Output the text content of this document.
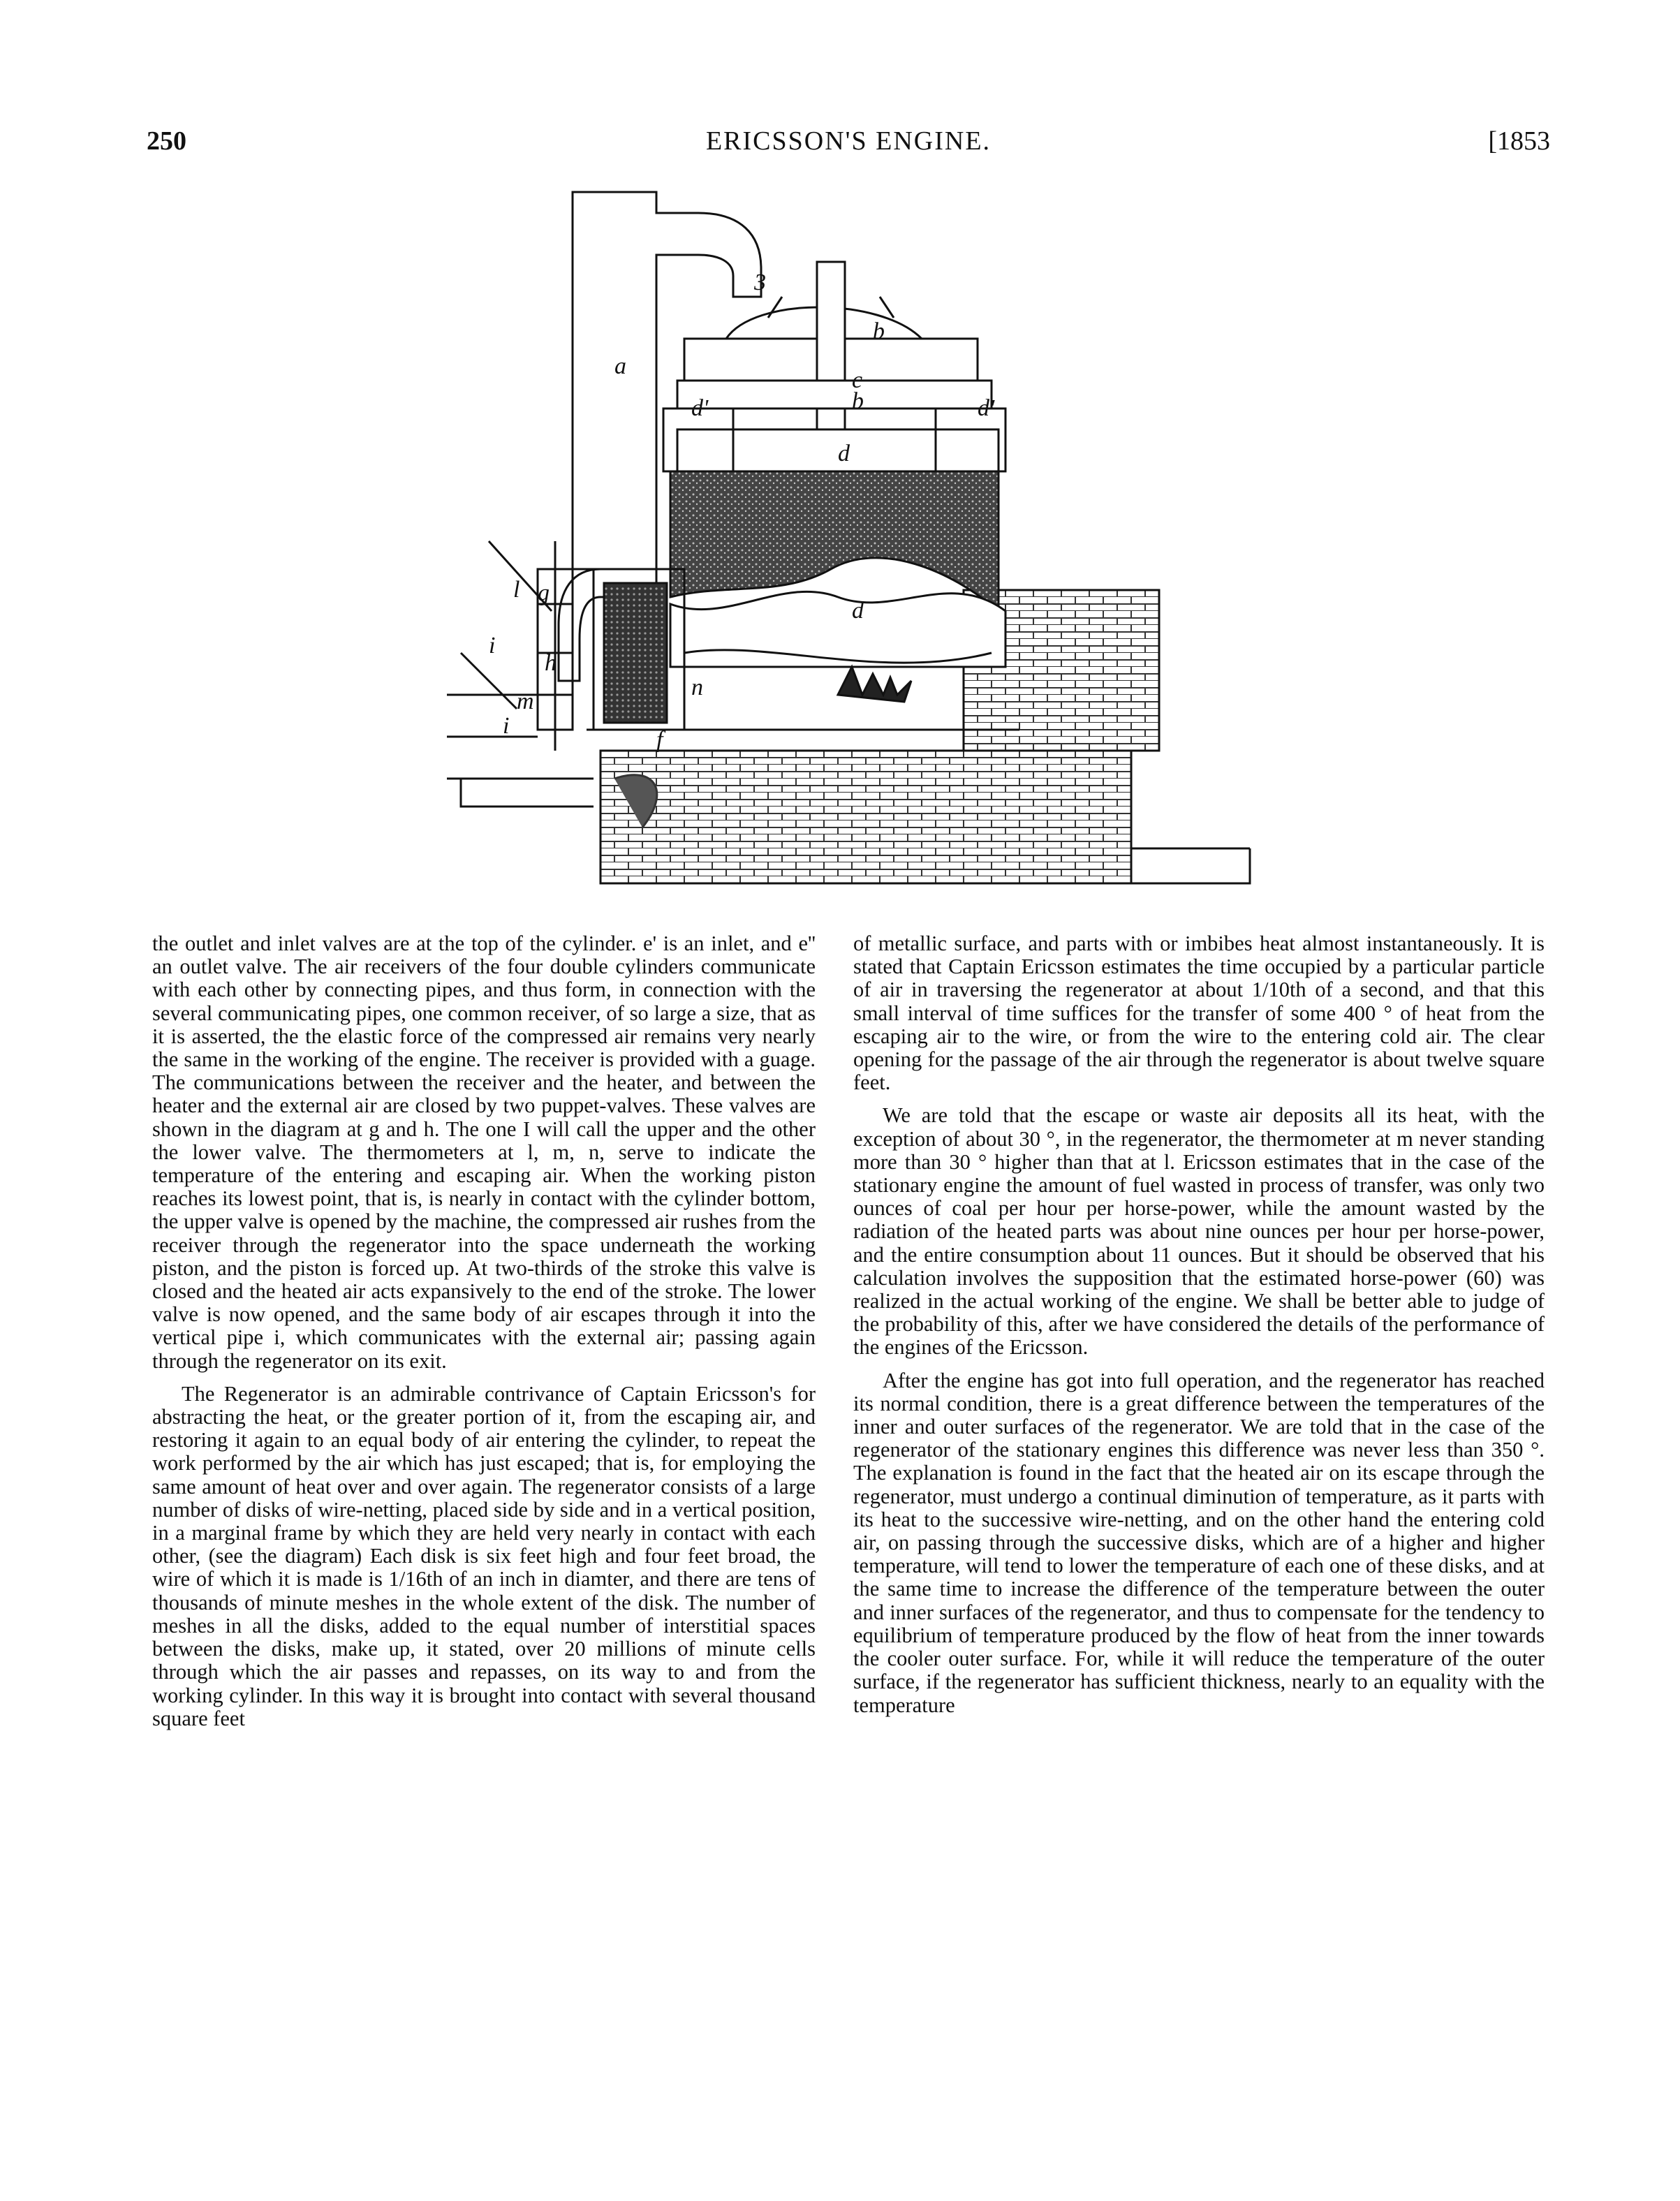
250	ERICSSON'S ENGINE.	[1853
a
b
b
c
d
d
d'	d'
3
g
h
i
i
l
m
n
f

the outlet and inlet valves are at the top of the cylinder. e' is an inlet, and e'' an outlet valve. The air receivers of the four double cylinders communicate with each other by connecting pipes, and thus form, in connection with the several communicating pipes, one common receiver, of so large a size, that as it is asserted, the the elastic force of the compressed air remains very nearly the same in the working of the engine. The receiver is provided with a guage. The communications between the receiver and the heater, and between the heater and the external air are closed by two puppet-valves. These valves are shown in the diagram at g and h. The one I will call the upper and the other the lower valve. The thermometers at l, m, n, serve to indicate the temperature of the entering and escaping air. When the working piston reaches its lowest point, that is, is nearly in contact with the cylinder bottom, the upper valve is opened by the machine, the compressed air rushes from the receiver through the regenerator into the space underneath the working piston, and the piston is forced up. At two-thirds of the stroke this valve is closed and the heated air acts expansively to the end of the stroke. The lower valve is now opened, and the same body of air escapes through it into the vertical pipe i, which communicates with the external air; passing again through the regenerator on its exit.

The Regenerator is an admirable contrivance of Captain Ericsson's for abstracting the heat, or the greater portion of it, from the escaping air, and restoring it again to an equal body of air entering the cylinder, to repeat the work performed by the air which has just escaped; that is, for employing the same amount of heat over and over again. The regenerator consists of a large number of disks of wire-netting, placed side by side and in a vertical position, in a marginal frame by which they are held very nearly in contact with each other, (see the diagram) Each disk is six feet high and four feet broad, the wire of which it is made is 1/16th of an inch in diamter, and there are tens of thousands of minute meshes in the whole extent of the disk. The number of meshes in all the disks, added to the equal number of interstitial spaces between the disks, make up, it stated, over 20 millions of minute cells through which the air passes and repasses, on its way to and from the working cylinder. In this way it is brought into contact with several thousand square feet

of metallic surface, and parts with or imbibes heat almost instantaneously. It is stated that Captain Ericsson estimates the time occupied by a particular particle of air in traversing the regenerator at about 1/10th of a second, and that this small interval of time suffices for the transfer of some 400 ° of heat from the escaping air to the wire, or from the wire to the entering cold air. The clear opening for the passage of the air through the regenerator is about twelve square feet.

We are told that the escape or waste air deposits all its heat, with the exception of about 30 °, in the regenerator, the thermometer at m never standing more than 30 ° higher than that at l. Ericsson estimates that in the case of the stationary engine the amount of fuel wasted in process of transfer, was only two ounces of coal per hour per horse-power, while the amount wasted by the radiation of the heated parts was about nine ounces per hour per horse-power, and the entire consumption about 11 ounces. But it should be observed that his calculation involves the supposition that the estimated horse-power (60) was realized in the actual working of the engine. We shall be better able to judge of the probability of this, after we have considered the details of the performance of the engines of the Ericsson.

After the engine has got into full operation, and the regenerator has reached its normal condition, there is a great difference between the temperatures of the inner and outer surfaces of the regenerator. We are told that in the case of the regenerator of the stationary engines this difference was never less than 350 °. The explanation is found in the fact that the heated air on its escape through the regenerator, must undergo a continual diminution of temperature, as it parts with its heat to the successive wire-netting, and on the other hand the entering cold air, on passing through the successive disks, which are of a higher and higher temperature, will tend to lower the temperature of each one of these disks, and at the same time to increase the difference of the temperature between the outer and inner surfaces of the regenerator, and thus to compensate for the tendency to equilibrium of temperature produced by the flow of heat from the inner towards the cooler outer surface. For, while it will reduce the temperature of the outer surface, if the regenerator has sufficient thickness, nearly to an equality with the temperature
